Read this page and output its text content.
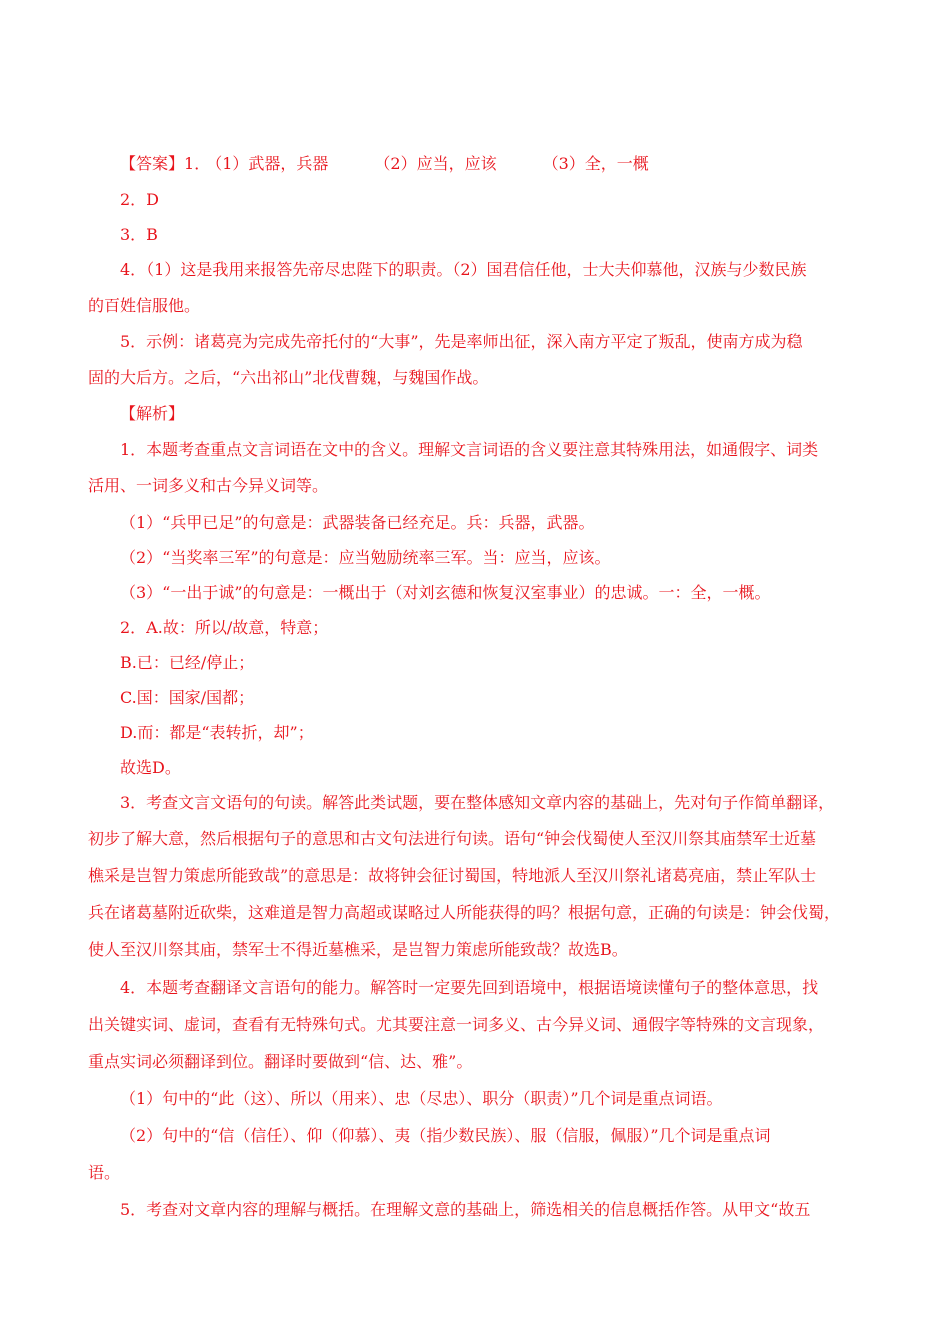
【答案】1． （1）武器，兵器	（2）应当，应该	（3）全，一概
2．D
3．B
4．（1）这是我用来报答先帝尽忠陛下的职责。（2）国君信任他，士大夫仰慕他，汉族与少数民族
的百姓信服他。
5．示例：诸葛亮为完成先帝托付的“大事”，先是率师出征，深入南方平定了叛乱，使南方成为稳
固的大后方。之后，“六出祁山”北伐曹魏，与魏国作战。
【解析】
1．本题考查重点文言词语在文中的含义。理解文言词语的含义要注意其特殊用法，如通假字、词类
活用、一词多义和古今异义词等。
（1）“兵甲已足”的句意是：武器装备已经充足。兵：兵器，武器。
（2）“当奖率三军”的句意是：应当勉励统率三军。当：应当，应该。
（3）“一出于诚”的句意是：一概出于（对刘玄德和恢复汉室事业）的忠诚。一：全，一概。
2．A.故：所以/故意，特意；
B.已：已经/停止；
C.国：国家/国都；
D.而：都是“表转折，却”；
故选D。
3．考查文言文语句的句读。解答此类试题，要在整体感知文章内容的基础上，先对句子作简单翻译，
初步了解大意，然后根据句子的意思和古文句法进行句读。语句“钟会伐蜀使人至汉川祭其庙禁军士近墓
樵采是岂智力策虑所能致哉”的意思是：故将钟会征讨蜀国，特地派人至汉川祭礼诸葛亮庙，禁止军队士
兵在诸葛墓附近砍柴，这难道是智力高超或谋略过人所能获得的吗？根据句意，正确的句读是：钟会伐蜀，
使人至汉川祭其庙，禁军士不得近墓樵采，是岂智力策虑所能致哉？故选B。
4．本题考查翻译文言语句的能力。解答时一定要先回到语境中，根据语境读懂句子的整体意思，找
出关键实词、虚词，查看有无特殊句式。尤其要注意一词多义、古今异义词、通假字等特殊的文言现象，
重点实词必须翻译到位。翻译时要做到“信、达、雅”。
（1）句中的“此（这）、所以（用来）、忠（尽忠）、职分（职责）”几个词是重点词语。
（2）句中的“信（信任）、仰（仰慕）、夷（指少数民族）、服（信服，佩服）”几个词是重点词
语。
5．考查对文章内容的理解与概括。在理解文意的基础上，筛选相关的信息概括作答。从甲文“故五
